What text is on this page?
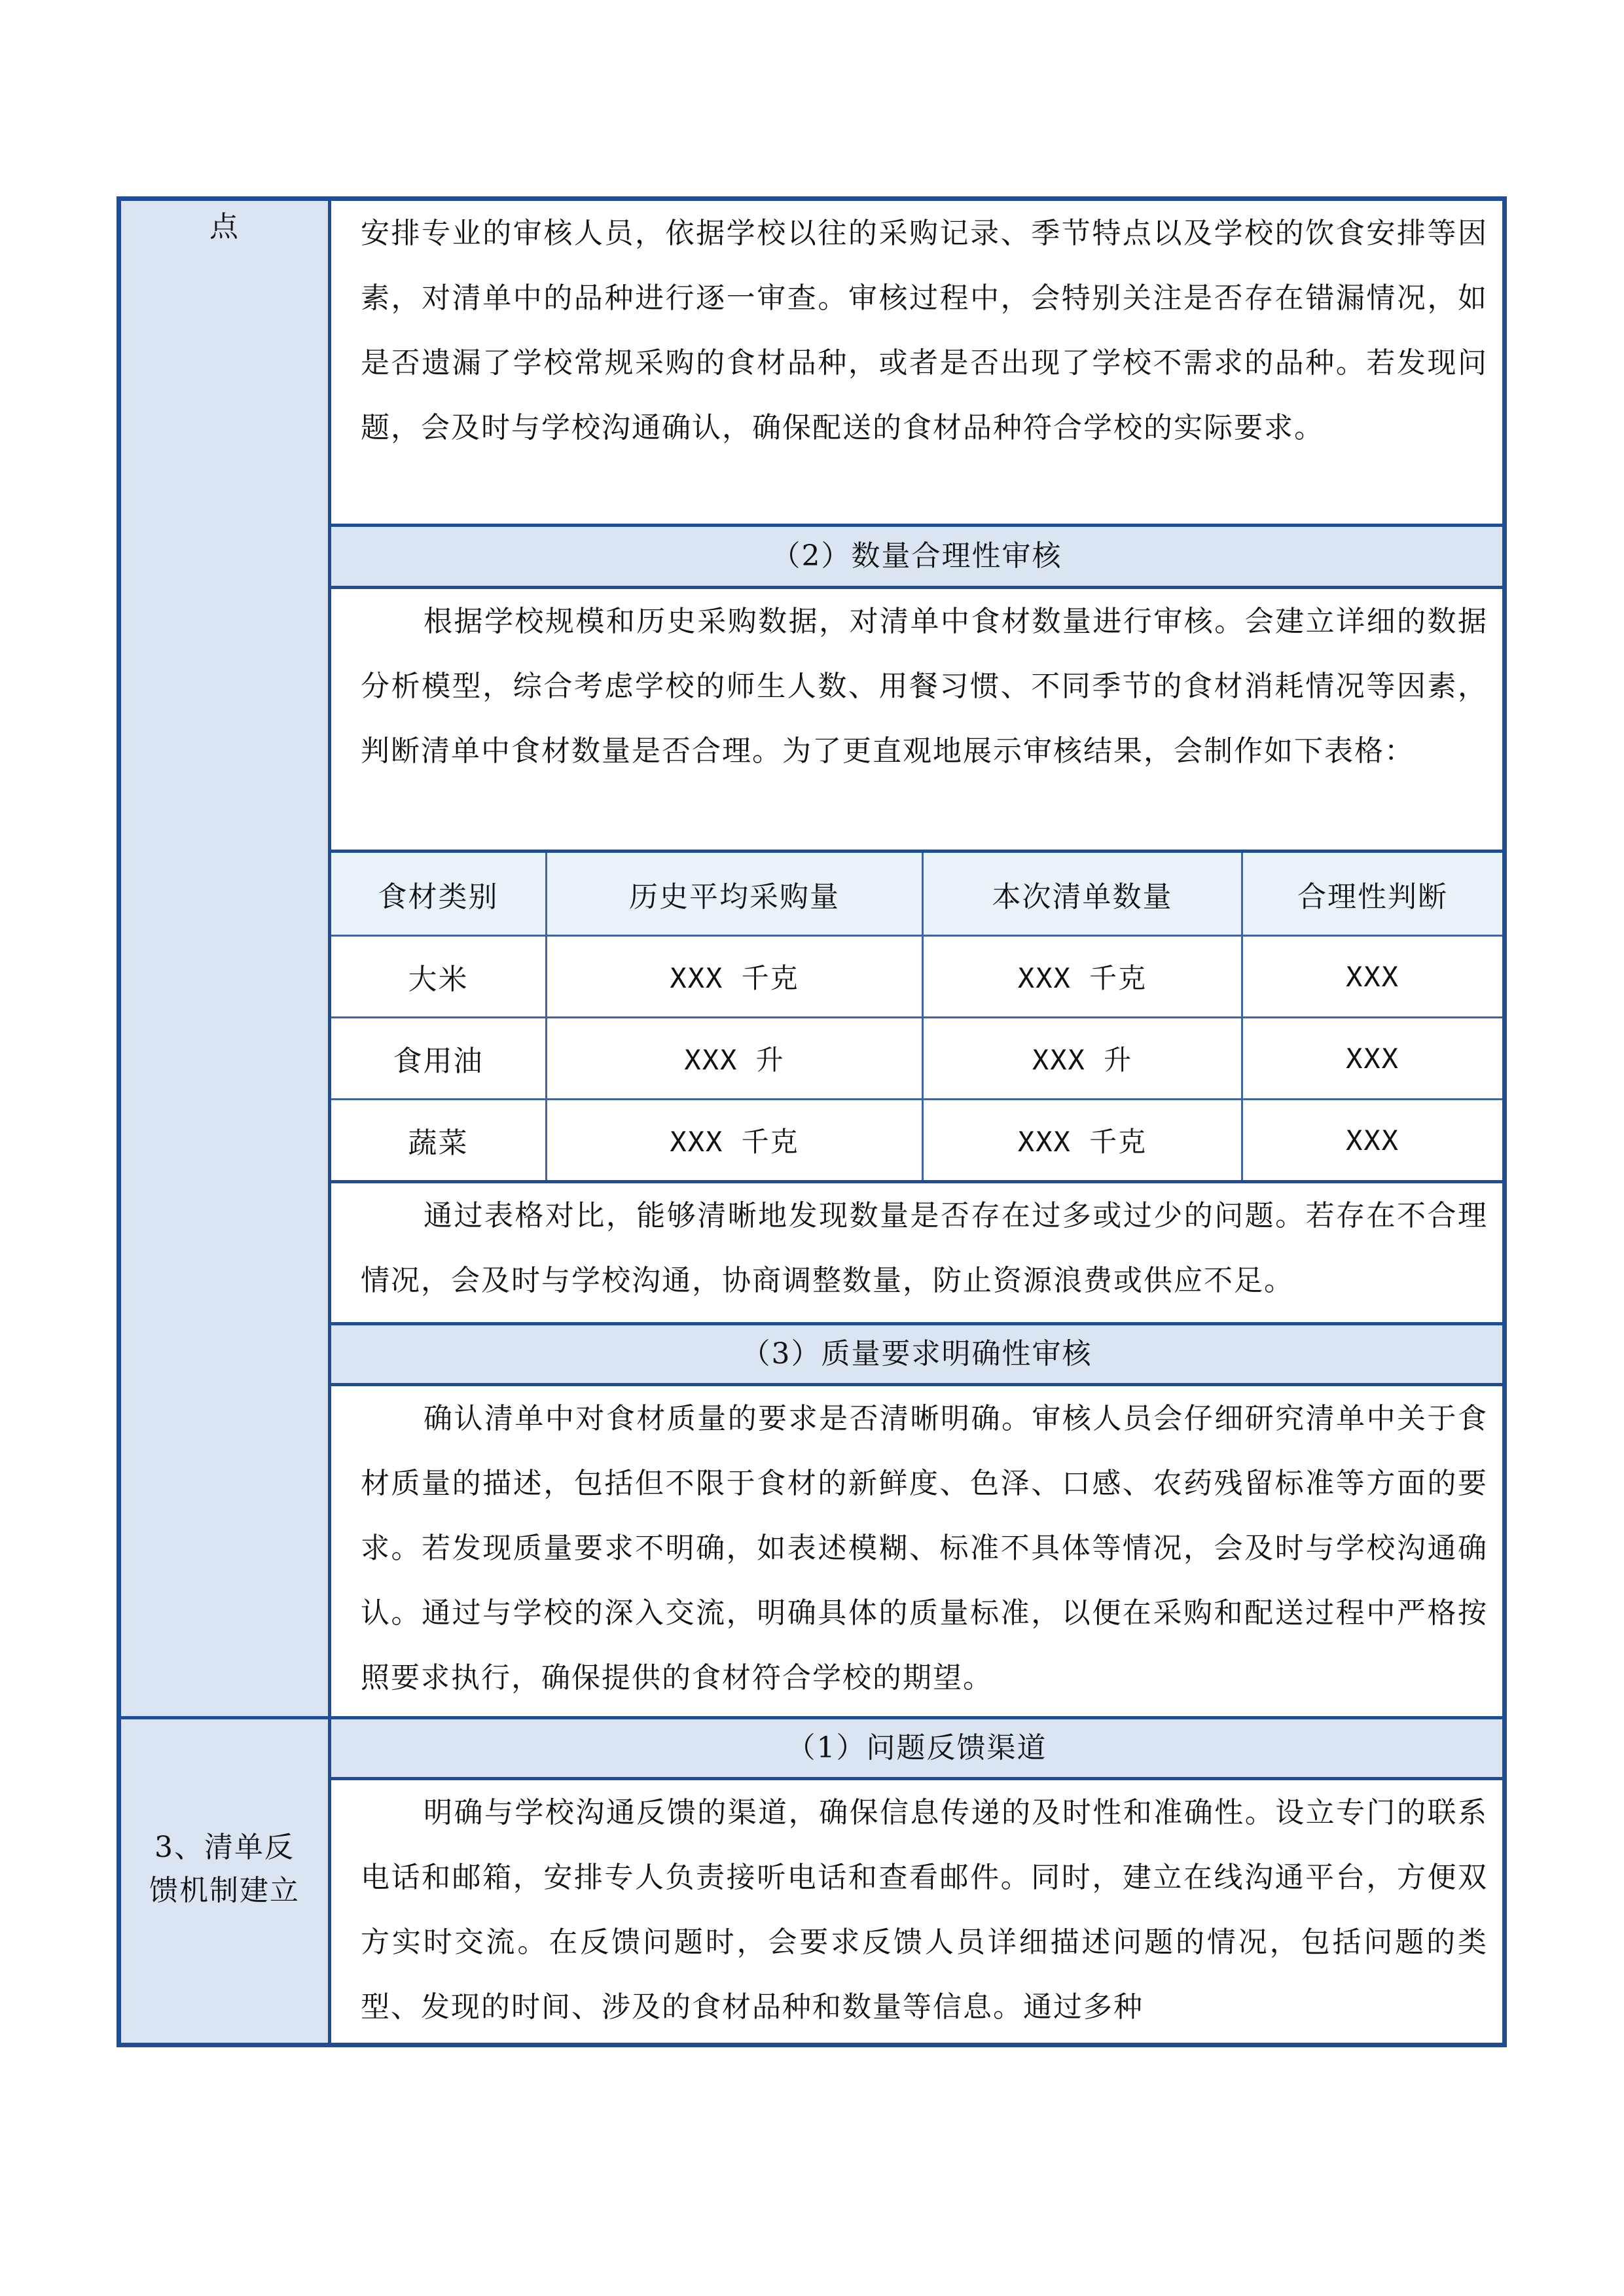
点
3、清单反馈机制建立
安排专业的审核人员，依据学校以往的采购记录、季节特点以及学校的饮食安排等因素，对清单中的品种进行逐一审查。审核过程中，会特别关注是否存在错漏情况，如是否遗漏了学校常规采购的食材品种，或者是否出现了学校不需求的品种。若发现问题，会及时与学校沟通确认，确保配送的食材品种符合学校的实际要求。
（2）数量合理性审核
根据学校规模和历史采购数据，对清单中食材数量进行审核。会建立详细的数据分析模型，综合考虑学校的师生人数、用餐习惯、不同季节的食材消耗情况等因素，判断清单中食材数量是否合理。为了更直观地展示审核结果，会制作如下表格：
食材类别	历史平均采购量	本次清单数量	合理性判断
大米	XXX 千克	XXX 千克	XXX
食用油	XXX 升	XXX 升	XXX
蔬菜	XXX 千克	XXX 千克	XXX
通过表格对比，能够清晰地发现数量是否存在过多或过少的问题。若存在不合理情况，会及时与学校沟通，协商调整数量，防止资源浪费或供应不足。
（3）质量要求明确性审核
确认清单中对食材质量的要求是否清晰明确。审核人员会仔细研究清单中关于食材质量的描述，包括但不限于食材的新鲜度、色泽、口感、农药残留标准等方面的要求。若发现质量要求不明确，如表述模糊、标准不具体等情况，会及时与学校沟通确认。通过与学校的深入交流，明确具体的质量标准，以便在采购和配送过程中严格按照要求执行，确保提供的食材符合学校的期望。
（1）问题反馈渠道
明确与学校沟通反馈的渠道，确保信息传递的及时性和准确性。设立专门的联系电话和邮箱，安排专人负责接听电话和查看邮件。同时，建立在线沟通平台，方便双方实时交流。在反馈问题时，会要求反馈人员详细描述问题的情况，包括问题的类型、发现的时间、涉及的食材品种和数量等信息。通过多种
